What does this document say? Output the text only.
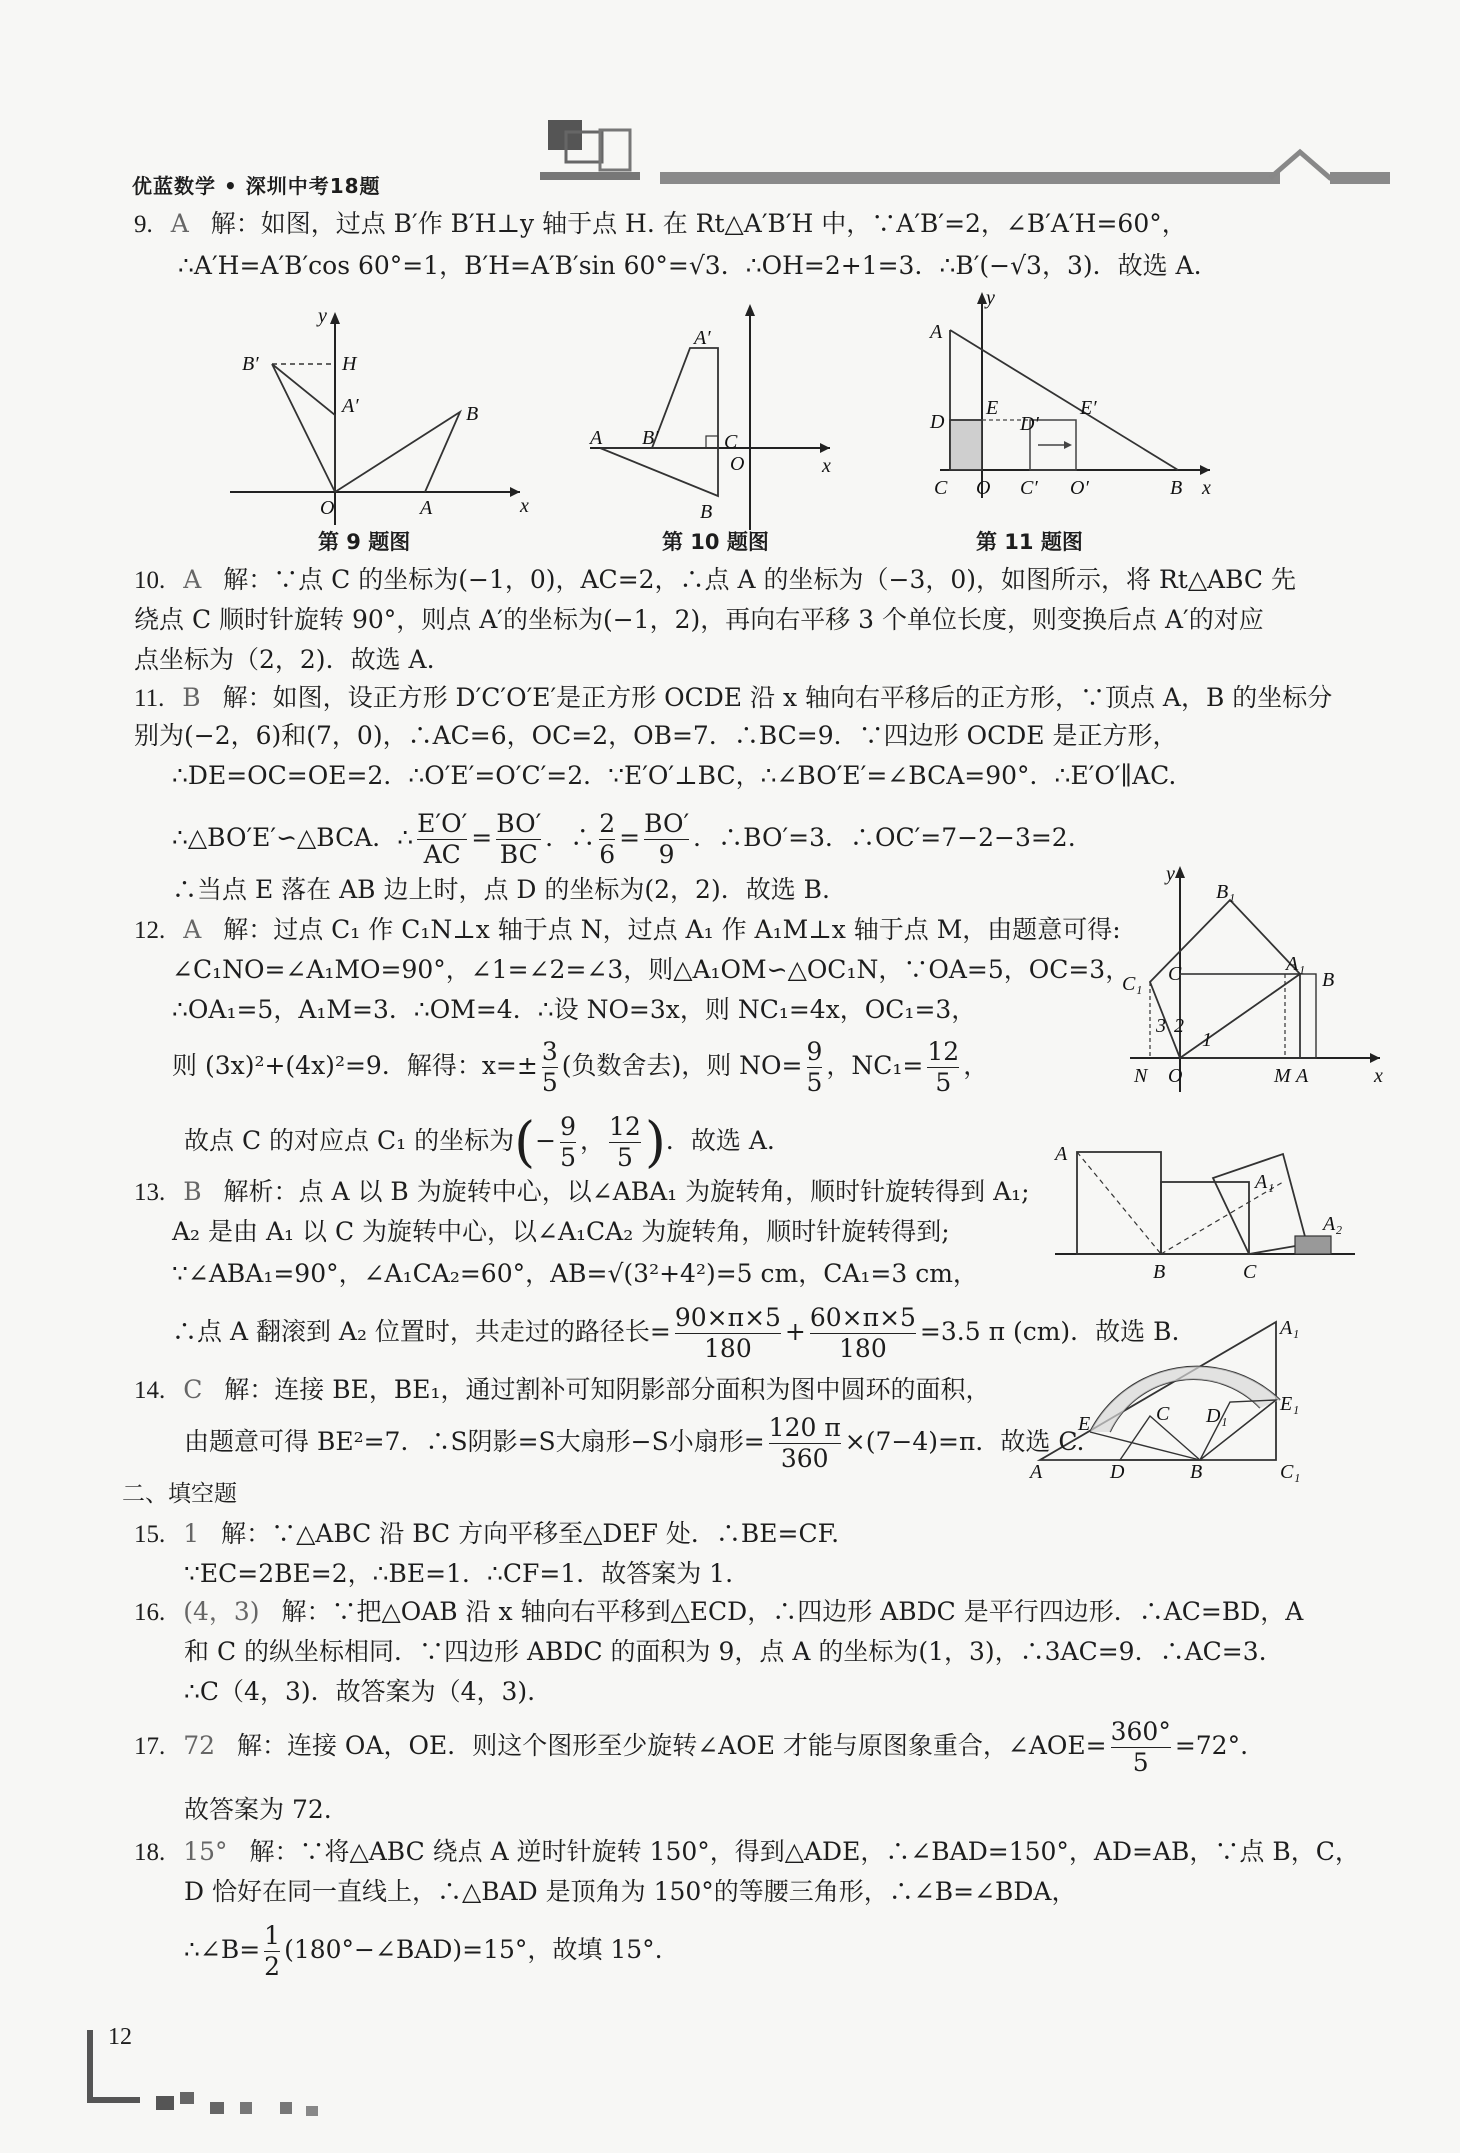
优蓝数学 • 深圳中考18题
9. A 解：如图，过点 B′作 B′H⊥y 轴于点 H. 在 Rt△A′B′H 中，∵A′B′=2，∠B′A′H=60°，
∴A′H=A′B′cos 60°=1，B′H=A′B′sin 60°=√3．∴OH=2+1=3．∴B′(−√3，3)．故选 A.
B′	H
A′	B
O	A	x
y
第 9 题图
A′
A B′	C
O
B
x
第 10 题图
A
D
E
D′
E′
C O C′ O′	B x
y
第 11 题图
10. A 解：∵点 C 的坐标为(−1，0)，AC=2，∴点 A 的坐标为（−3，0)，如图所示，将 Rt△ABC 先
绕点 C 顺时针旋转 90°，则点 A′的坐标为(−1，2)，再向右平移 3 个单位长度，则变换后点 A′的对应
点坐标为（2，2)．故选 A.
11. B 解：如图，设正方形 D′C′O′E′是正方形 OCDE 沿 x 轴向右平移后的正方形，∵顶点 A，B 的坐标分
别为(−2，6)和(7，0)，∴AC=6，OC=2，OB=7．∴BC=9．∵四边形 OCDE 是正方形，
∴DE=OC=OE=2．∴O′E′=O′C′=2．∵E′O′⊥BC，∴∠BO′E′=∠BCA=90°．∴E′O′∥AC.
∴△BO′E′∽△BCA．∴ $\frac{E'O'}{AC} = \frac{BO'}{BC}$ ．∴ $\frac{2}{6} = \frac{BO'}{9}$ ．∴BO′=3．∴OC′=7−2−3=2.
∴当点 E 落在 AB 边上时，点 D 的坐标为(2，2)．故选 B.	B₁
C₁ C	A₁
B
3 2
1
N O	M A	x
y
12. A 解：过点 C₁ 作 C₁N⊥x 轴于点 N，过点 A₁ 作 A₁M⊥x 轴于点 M，由题意可得:
∠C₁NO=∠A₁MO=90°，∠1=∠2=∠3，则△A₁OM∽△OC₁N，∵OA=5，OC=3，
∴OA₁=5，A₁M=3．∴OM=4．∴设 NO=3x，则 NC₁=4x，OC₁=3，
则 (3x)²+(4x)²=9．解得：$x=\pm \frac{3}{5}$ (负数舍去)，则 $NO= \frac{9}{5}$ ，$NC_1= \frac{12}{5}$ ，
故点 C 的对应点 C₁ 的坐标为(− $\frac{9}{5}$ ， $\frac{12}{5}$ )．故选 A.	A
A₁
A₂
B	C
13. B 解析：点 A 以 B 为旋转中心，以∠ABA₁ 为旋转角，顺时针旋转得到 A₁;
A₂ 是由 A₁ 以 C 为旋转中心，以∠A₁CA₂ 为旋转角，顺时针旋转得到;
∵∠ABA₁=90°，∠A₁CA₂=60°，AB=√(3²+4²)=5 cm，CA₁=3 cm，
∴点 A 翻滚到 A₂ 位置时，共走过的路径长= $\frac{90\times\pi\times 5}{180} + \frac{60\times\pi\times 5}{180} =3.5$ π (cm)．故选 B.
A	D	B	C₁
E	C D₁
E₁
A₁
14. C 解：连接 BE，BE₁，通过割补可知阴影部分面积为图中圆环的面积，
由题意可得 BE²=7．∴S阴影=S大扇形−S小扇形= $\frac{120 \pi}{360} \times(7-4)=\pi$．故选 C.
二、填空题
15. 1 解：∵△ABC 沿 BC 方向平移至△DEF 处．∴BE=CF.
∵EC=2BE=2，∴BE=1．∴CF=1．故答案为 1.
16. (4，3) 解：∵把△OAB 沿 x 轴向右平移到△ECD，∴四边形 ABDC 是平行四边形．∴AC=BD，A
和 C 的纵坐标相同．∵四边形 ABDC 的面积为 9，点 A 的坐标为(1，3)，∴3AC=9．∴AC=3.
∴C（4，3)．故答案为（4，3).
17. 72 解：连接 OA，OE．则这个图形至少旋转∠AOE 才能与原图象重合，∠AOE= $\frac{360^\circ}{5} =72^\circ$.
故答案为 72.
18. 15° 解：∵将△ABC 绕点 A 逆时针旋转 150°，得到△ADE，∴∠BAD=150°，AD=AB，∵点 B，C，
D 恰好在同一直线上，∴△BAD 是顶角为 150°的等腰三角形，∴∠B=∠BDA，
∴∠B= $\frac{1}{2}$ (180°−∠BAD)=15°，故填 15°.
12
